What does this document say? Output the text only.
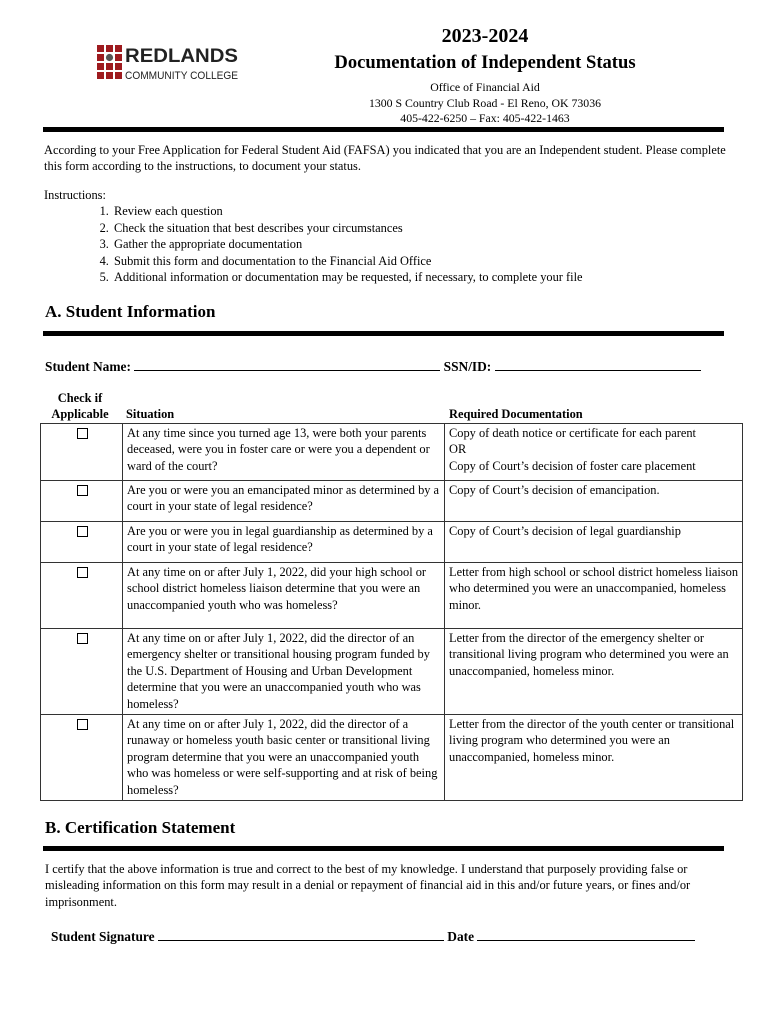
REDLANDS
COMMUNITY COLLEGE
2023-2024
Documentation of Independent Status
Office of Financial Aid
1300 S Country Club Road - El Reno, OK 73036
405-422-6250 – Fax: 405-422-1463
According to your Free Application for Federal Student Aid (FAFSA) you indicated that you are an Independent student. Please complete this form according to the instructions, to document your status.
Instructions:
1. Review each question
2. Check the situation that best describes your circumstances
3. Gather the appropriate documentation
4. Submit this form and documentation to the Financial Aid Office
5. Additional information or documentation may be requested, if necessary, to complete your file
A. Student Information
Student Name:	SSN/ID:
Check if
Applicable	Situation	Required Documentation
	At any time since you turned age 13, were both your parents deceased, were you in foster care or were you a dependent or ward of the court?	Copy of death notice or certificate for each parent
OR
Copy of Court’s decision of foster care placement

	Are you or were you an emancipated minor as determined by a court in your state of legal residence?	Copy of Court’s decision of emancipation.

	Are you or were you in legal guardianship as determined by a court in your state of legal residence?	Copy of Court’s decision of legal guardianship

	At any time on or after July 1, 2022, did your high school or school district homeless liaison determine that you were an unaccompanied youth who was homeless?	Letter from high school or school district homeless liaison who determined you were an unaccompanied, homeless minor.

	At any time on or after July 1, 2022, did the director of an emergency shelter or transitional housing program funded by the U.S. Department of Housing and Urban Development determine that you were an unaccompanied youth who was homeless?	Letter from the director of the emergency shelter or transitional living program who determined you were an unaccompanied, homeless minor.

	At any time on or after July 1, 2022, did the director of a runaway or homeless youth basic center or transitional living program determine that you were an unaccompanied youth who was homeless or were self-supporting and at risk of being homeless?	Letter from the director of the youth center or transitional living program who determined you were an unaccompanied, homeless minor.
B. Certification Statement
I certify that the above information is true and correct to the best of my knowledge. I understand that purposely providing false or misleading information on this form may result in a denial or repayment of financial aid in this and/or future years, or fines and/or imprisonment.
Student Signature	Date
